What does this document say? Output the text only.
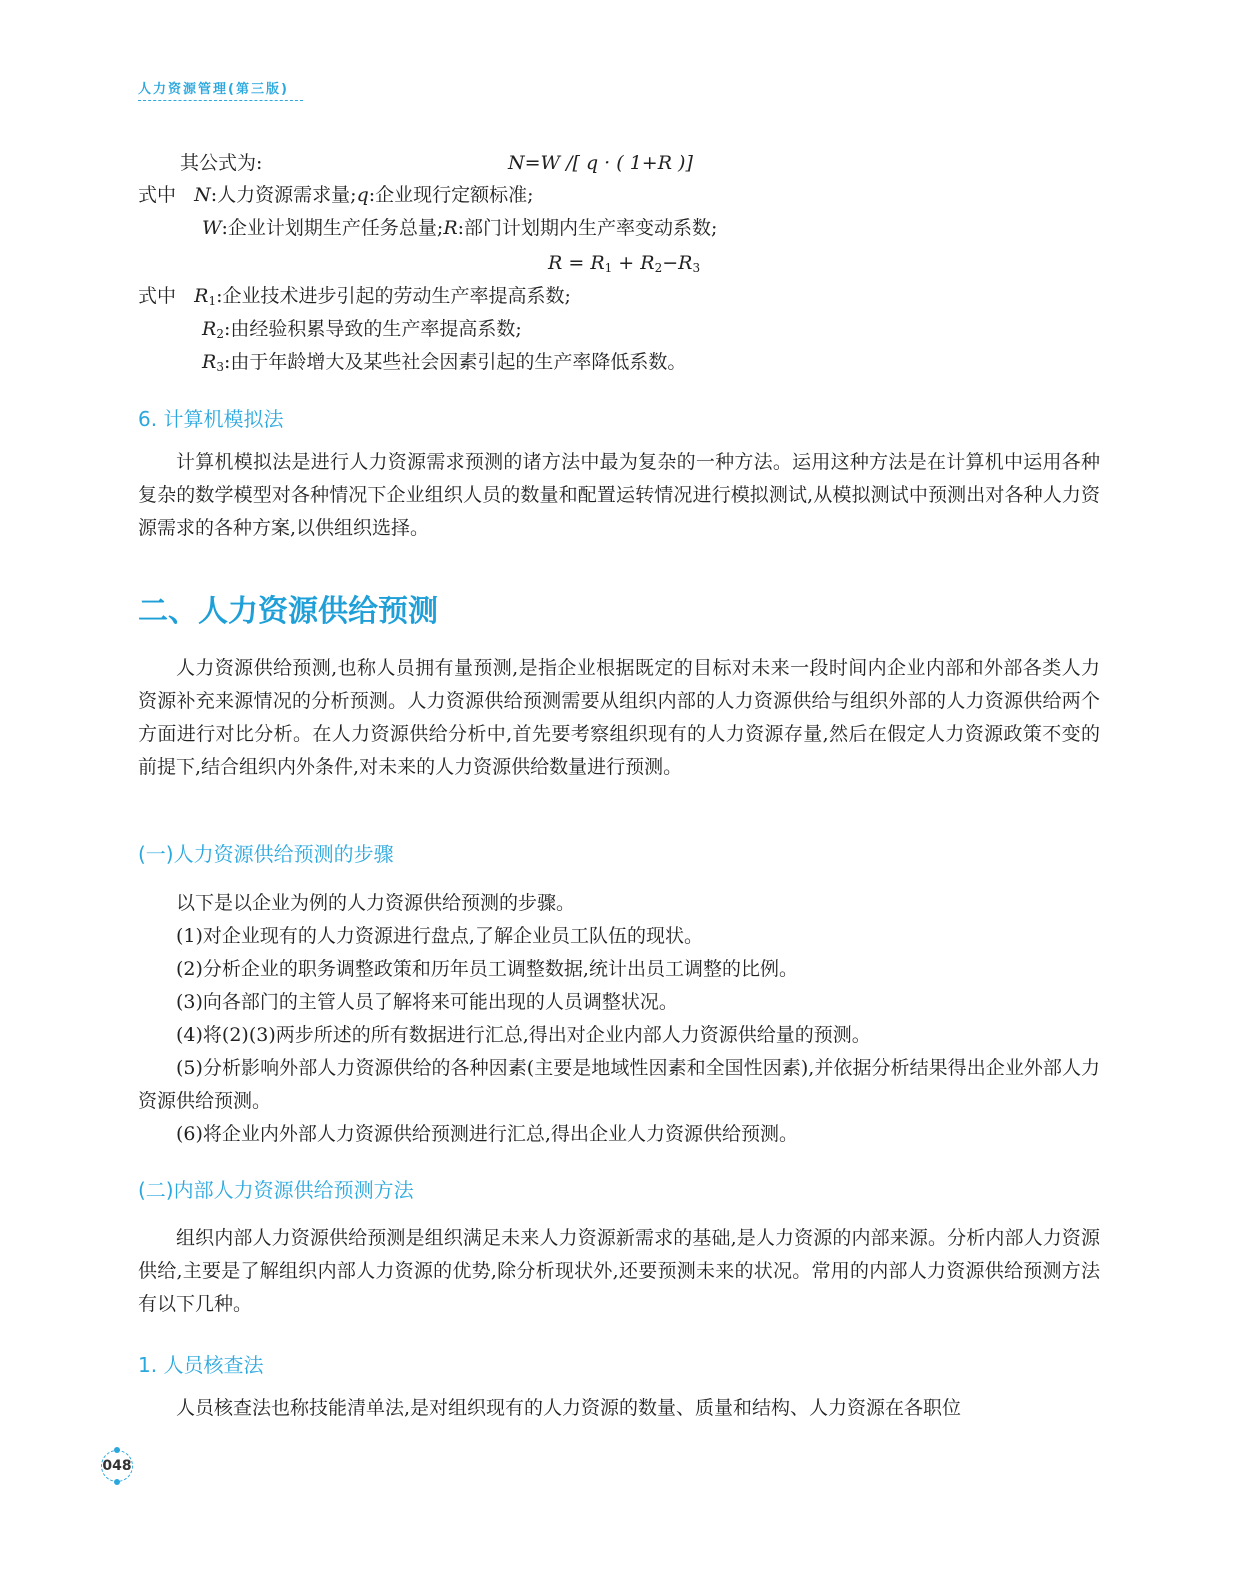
人力资源管理(第三版)
其公式为:	N=W /[ q · ( 1+R )]
式中 N:人力资源需求量;q:企业现行定额标准;
W:企业计划期生产任务总量;R:部门计划期内生产率变动系数;
$R = R_1 + R_2-R_3$
式中 $R_1$:企业技术进步引起的劳动生产率提高系数;
$R_2$:由经验积累导致的生产率提高系数;
$R_3$:由于年龄增大及某些社会因素引起的生产率降低系数。
6. 计算机模拟法

计算机模拟法是进行人力资源需求预测的诸方法中最为复杂的一种方法。运用这种方法是在计算机中运用各种复杂的数学模型对各种情况下企业组织人员的数量和配置运转情况进行模拟测试,从模拟测试中预测出对各种人力资源需求的各种方案,以供组织选择。

二、人力资源供给预测

人力资源供给预测,也称人员拥有量预测,是指企业根据既定的目标对未来一段时间内企业内部和外部各类人力资源补充来源情况的分析预测。人力资源供给预测需要从组织内部的人力资源供给与组织外部的人力资源供给两个方面进行对比分析。在人力资源供给分析中,首先要考察组织现有的人力资源存量,然后在假定人力资源政策不变的前提下,结合组织内外条件,对未来的人力资源供给数量进行预测。

(一)人力资源供给预测的步骤

以下是以企业为例的人力资源供给预测的步骤。

(1)对企业现有的人力资源进行盘点,了解企业员工队伍的现状。

(2)分析企业的职务调整政策和历年员工调整数据,统计出员工调整的比例。

(3)向各部门的主管人员了解将来可能出现的人员调整状况。

(4)将(2)(3)两步所述的所有数据进行汇总,得出对企业内部人力资源供给量的预测。

(5)分析影响外部人力资源供给的各种因素(主要是地域性因素和全国性因素),并依据分析结果得出企业外部人力资源供给预测。

(6)将企业内外部人力资源供给预测进行汇总,得出企业人力资源供给预测。

(二)内部人力资源供给预测方法

组织内部人力资源供给预测是组织满足未来人力资源新需求的基础,是人力资源的内部来源。分析内部人力资源供给,主要是了解组织内部人力资源的优势,除分析现状外,还要预测未来的状况。常用的内部人力资源供给预测方法有以下几种。

1. 人员核查法

人员核查法也称技能清单法,是对组织现有的人力资源的数量、质量和结构、人力资源在各职位

048
